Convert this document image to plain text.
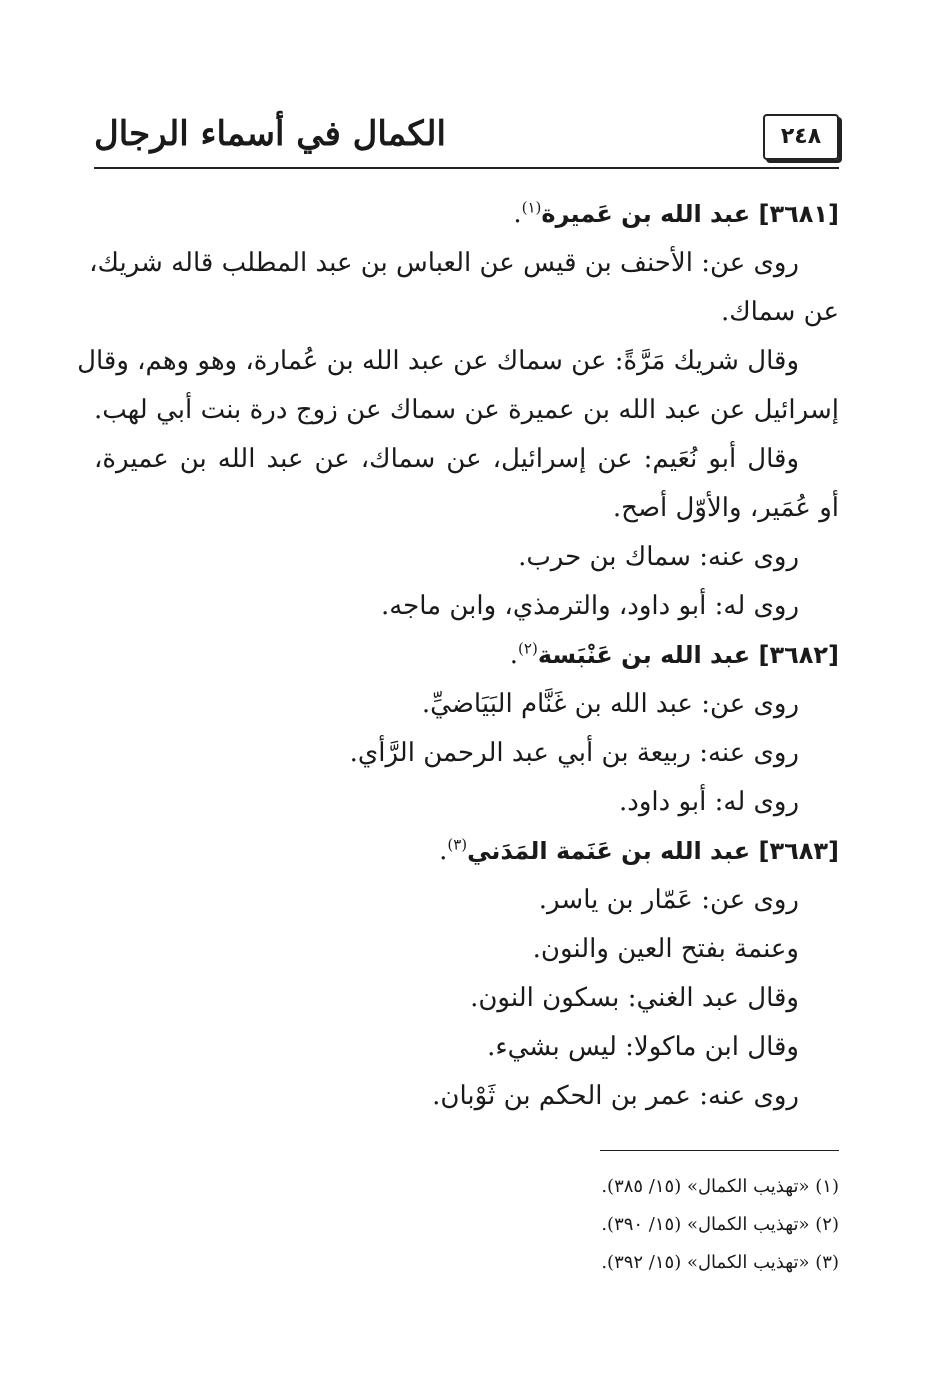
الكمال في أسماء الرجال	٢٤٨
[٣٦٨١] عبد الله بن عَميرة$^{(١)}$.
روى عن: الأحنف بن قيس عن العباس بن عبد المطلب قاله شريك،
عن سماك.
وقال شريك مَرَّةً: عن سماك عن عبد الله بن عُمارة، وهو وهم، وقال
إسرائيل عن عبد الله بن عميرة عن سماك عن زوج درة بنت أبي لهب.
وقال أبو نُعَيم: عن إسرائيل، عن سماك، عن عبد الله بن عميرة،
أو عُمَير، والأوّل أصح.
روى عنه: سماك بن حرب.
روى له: أبو داود، والترمذي، وابن ماجه.
[٣٦٨٢] عبد الله بن عَنْبَسة$^{(٢)}$.
روى عن: عبد الله بن غَنَّام البَيَاضيِّ.
روى عنه: ربيعة بن أبي عبد الرحمن الرَّأي.
روى له: أبو داود.
[٣٦٨٣] عبد الله بن عَنَمة المَدَني$^{(٣)}$.
روى عن: عَمّار بن ياسر.
وعنمة بفتح العين والنون.
وقال عبد الغني: بسكون النون.
وقال ابن ماكولا: ليس بشيء.
روى عنه: عمر بن الحكم بن ثَوْبان.
(١) «تهذيب الكمال» (١٥/ ٣٨٥).
(٢) «تهذيب الكمال» (١٥/ ٣٩٠).
(٣) «تهذيب الكمال» (١٥/ ٣٩٢).
